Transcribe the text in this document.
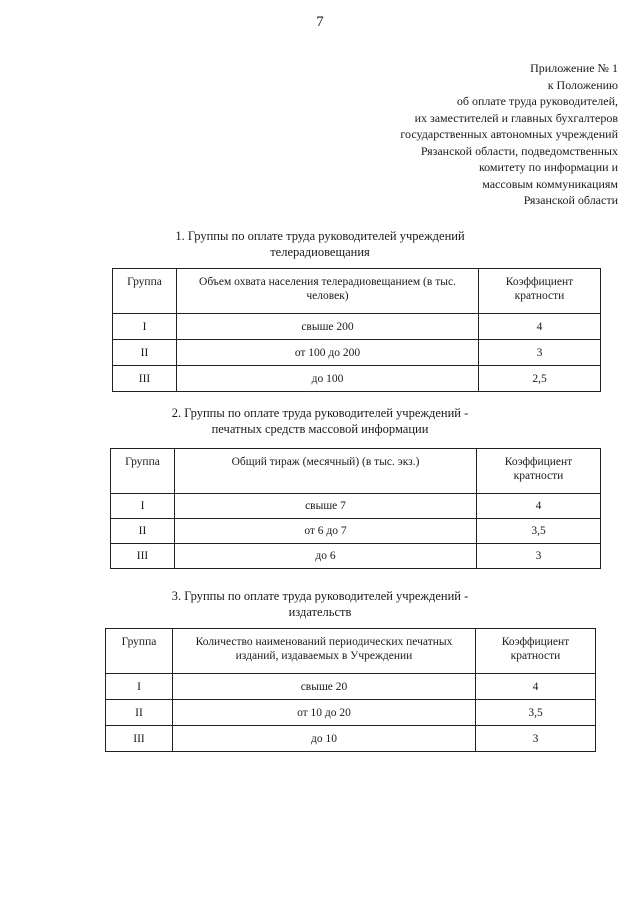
7
Приложение № 1
к Положению
об оплате труда руководителей,
их заместителей и главных бухгалтеров
государственных автономных учреждений
Рязанской области, подведомственных
комитету по информации и
массовым коммуникациям
Рязанской области
1. Группы по оплате труда руководителей учреждений
телерадиовещания
Группа	Объем охвата населения телерадиовещанием (в тыс. человек)	Коэффициент кратности
I	свыше 200	4
II	от 100 до 200	3
III	до 100	2,5
2. Группы по оплате труда руководителей учреждений -
печатных средств массовой информации
Группа	Общий тираж (месячный) (в тыс. экз.)	Коэффициент кратности
I	свыше 7	4
II	от 6 до 7	3,5
III	до 6	3
3. Группы по оплате труда руководителей учреждений -
издательств
Группа	Количество наименований периодических печатных изданий, издаваемых в Учреждении	Коэффициент кратности
I	свыше 20	4
II	от 10 до 20	3,5
III	до 10	3
